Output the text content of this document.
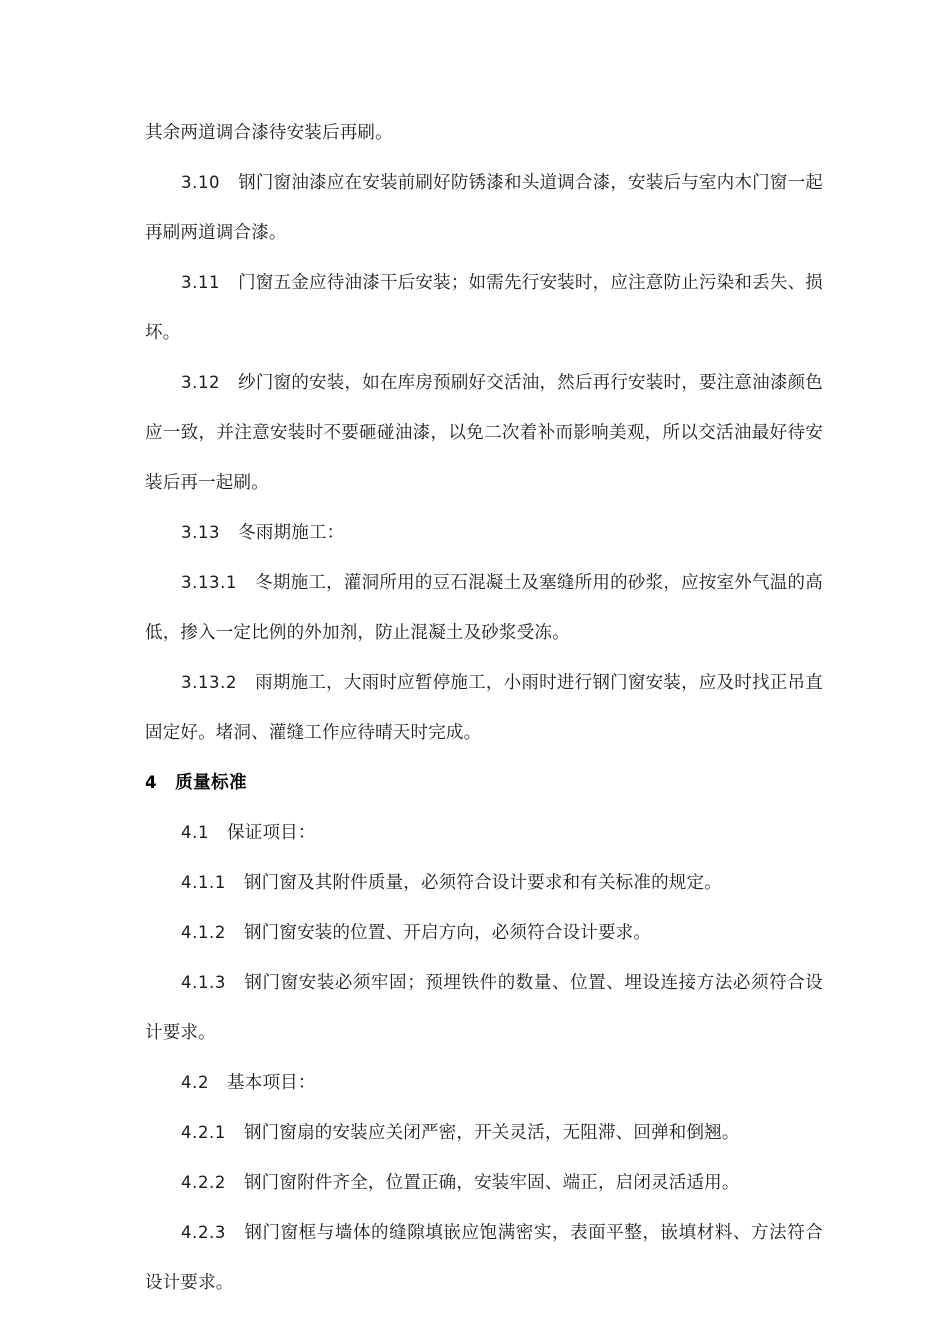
其余两道调合漆待安装后再刷。

3.10 钢门窗油漆应在安装前刷好防锈漆和头道调合漆，安装后与室内木门窗一起再刷两道调合漆。

3.11 门窗五金应待油漆干后安装；如需先行安装时，应注意防止污染和丢失、损坏。

3.12 纱门窗的安装，如在库房预刷好交活油，然后再行安装时，要注意油漆颜色应一致，并注意安装时不要砸碰油漆，以免二次着补而影响美观，所以交活油最好待安装后再一起刷。

3.13 冬雨期施工：

3.13.1 冬期施工，灌洞所用的豆石混凝土及塞缝所用的砂浆，应按室外气温的高低，掺入一定比例的外加剂，防止混凝土及砂浆受冻。

3.13.2 雨期施工，大雨时应暂停施工，小雨时进行钢门窗安装，应及时找正吊直固定好。堵洞、灌缝工作应待晴天时完成。

4 质量标准

4.1 保证项目：

4.1.1 钢门窗及其附件质量，必须符合设计要求和有关标准的规定。

4.1.2 钢门窗安装的位置、开启方向，必须符合设计要求。

4.1.3 钢门窗安装必须牢固；预埋铁件的数量、位置、埋设连接方法必须符合设计要求。

4.2 基本项目：

4.2.1 钢门窗扇的安装应关闭严密，开关灵活，无阻滞、回弹和倒翘。

4.2.2 钢门窗附件齐全，位置正确，安装牢固、端正，启闭灵活适用。

4.2.3 钢门窗框与墙体的缝隙填嵌应饱满密实，表面平整，嵌填材料、方法符合设计要求。
